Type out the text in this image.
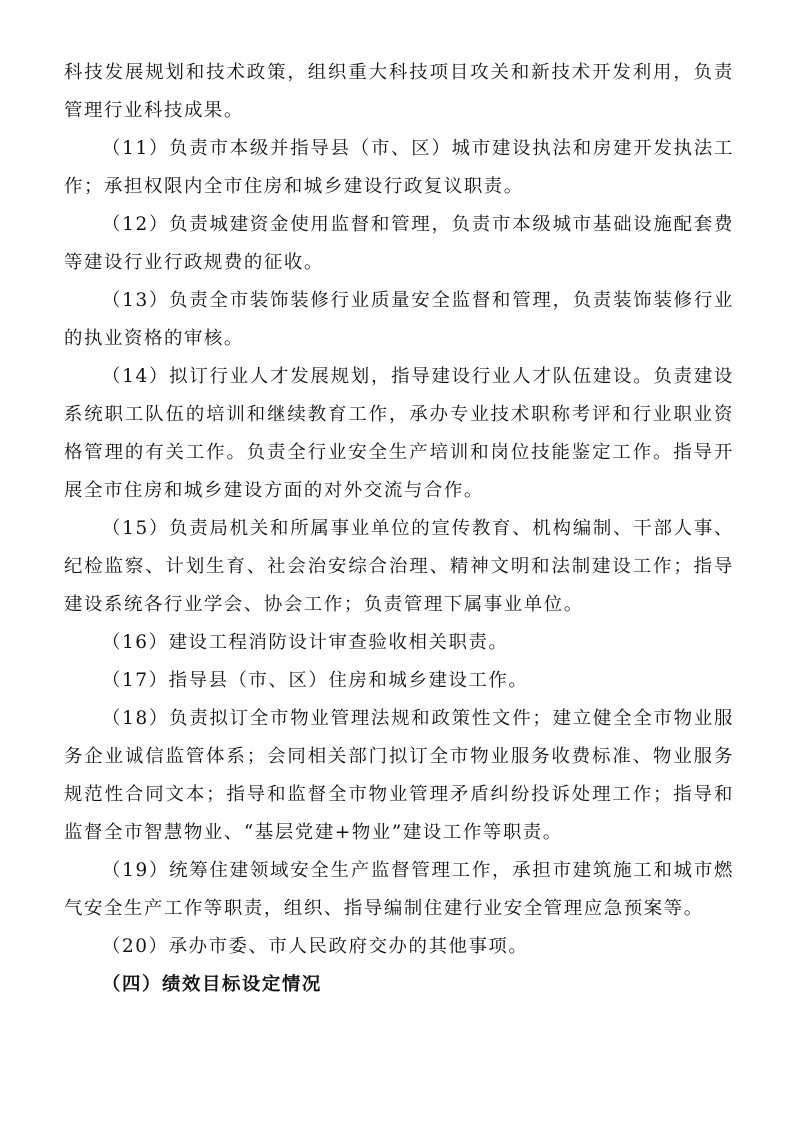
科技发展规划和技术政策，组织重大科技项目攻关和新技术开发利用，负责管理行业科技成果。

（11）负责市本级并指导县（市、区）城市建设执法和房建开发执法工作；承担权限内全市住房和城乡建设行政复议职责。

（12）负责城建资金使用监督和管理，负责市本级城市基础设施配套费等建设行业行政规费的征收。

（13）负责全市装饰装修行业质量安全监督和管理，负责装饰装修行业的执业资格的审核。

（14）拟订行业人才发展规划，指导建设行业人才队伍建设。负责建设系统职工队伍的培训和继续教育工作，承办专业技术职称考评和行业职业资格管理的有关工作。负责全行业安全生产培训和岗位技能鉴定工作。指导开展全市住房和城乡建设方面的对外交流与合作。

（15）负责局机关和所属事业单位的宣传教育、机构编制、干部人事、纪检监察、计划生育、社会治安综合治理、精神文明和法制建设工作；指导建设系统各行业学会、协会工作；负责管理下属事业单位。

（16）建设工程消防设计审查验收相关职责。

（17）指导县（市、区）住房和城乡建设工作。

（18）负责拟订全市物业管理法规和政策性文件；建立健全全市物业服务企业诚信监管体系；会同相关部门拟订全市物业服务收费标准、物业服务规范性合同文本；指导和监督全市物业管理矛盾纠纷投诉处理工作；指导和监督全市智慧物业、“基层党建+物业”建设工作等职责。

（19）统筹住建领域安全生产监督管理工作，承担市建筑施工和城市燃气安全生产工作等职责，组织、指导编制住建行业安全管理应急预案等。

（20）承办市委、市人民政府交办的其他事项。

（四）绩效目标设定情况
